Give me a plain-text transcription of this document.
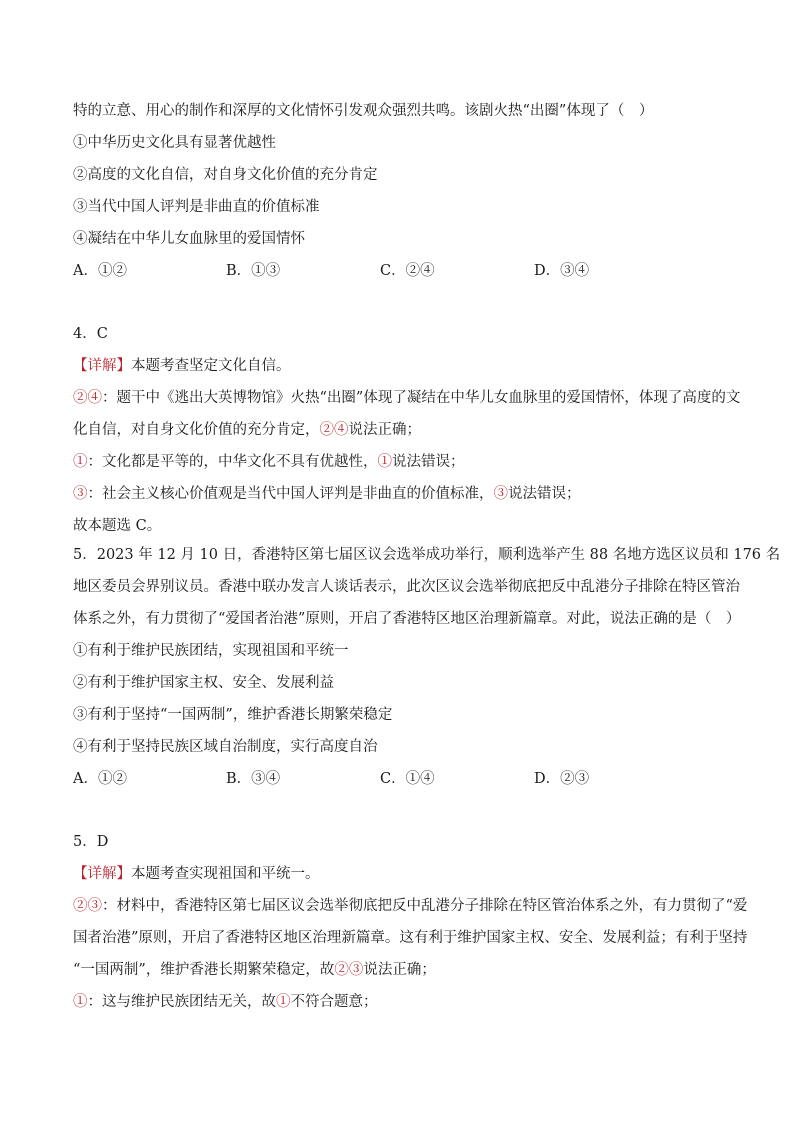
特的立意、用心的制作和深厚的文化情怀引发观众强烈共鸣。该剧火热“出圈”体现了（　）
①中华历史文化具有显著优越性
②高度的文化自信，对自身文化价值的充分肯定
③当代中国人评判是非曲直的价值标准
④凝结在中华儿女血脉里的爱国情怀
A．①②	B．①③	C．②④	D．③④
4．C
【详解】本题考查坚定文化自信。
②④：题干中《逃出大英博物馆》火热“出圈”体现了凝结在中华儿女血脉里的爱国情怀，体现了高度的文
化自信，对自身文化价值的充分肯定，②④说法正确；
①：文化都是平等的，中华文化不具有优越性，①说法错误；
③：社会主义核心价值观是当代中国人评判是非曲直的价值标准，③说法错误；
故本题选 C。
5．2023 年 12 月 10 日，香港特区第七届区议会选举成功举行，顺利选举产生 88 名地方选区议员和 176 名
地区委员会界别议员。香港中联办发言人谈话表示，此次区议会选举彻底把反中乱港分子排除在特区管治
体系之外，有力贯彻了“爱国者治港”原则，开启了香港特区地区治理新篇章。对此，说法正确的是（　）
①有利于维护民族团结，实现祖国和平统一
②有利于维护国家主权、安全、发展利益
③有利于坚持“一国两制”，维护香港长期繁荣稳定
④有利于坚持民族区域自治制度，实行高度自治
A．①②	B．③④	C．①④	D．②③
5．D
【详解】本题考查实现祖国和平统一。
②③：材料中，香港特区第七届区议会选举彻底把反中乱港分子排除在特区管治体系之外，有力贯彻了“爱
国者治港”原则，开启了香港特区地区治理新篇章。这有利于维护国家主权、安全、发展利益；有利于坚持
“一国两制”，维护香港长期繁荣稳定，故②③说法正确；
①：这与维护民族团结无关，故①不符合题意；
